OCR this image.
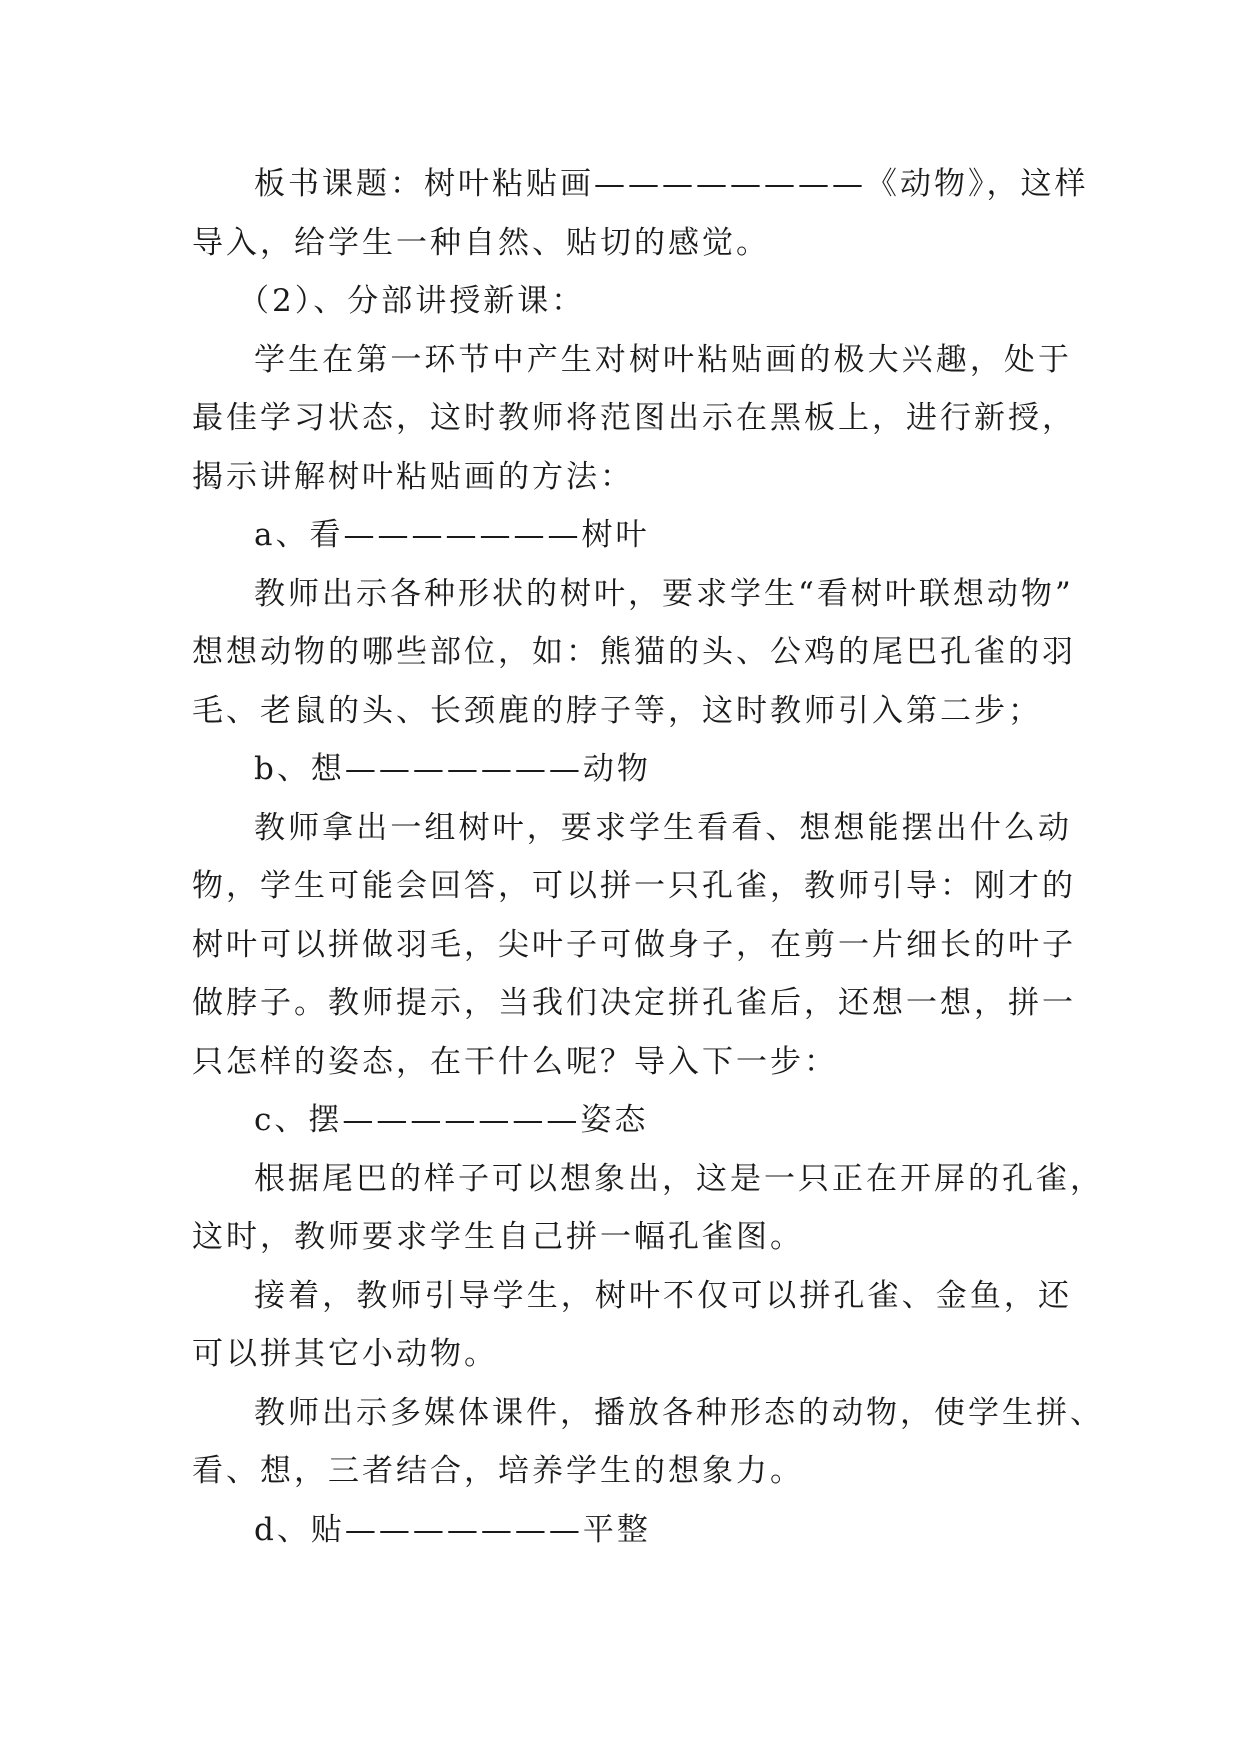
板书课题：树叶粘贴画————————《动物》，这样
导入，给学生一种自然、贴切的感觉。
（2）、分部讲授新课：
学生在第一环节中产生对树叶粘贴画的极大兴趣，处于
最佳学习状态，这时教师将范图出示在黑板上，进行新授，
揭示讲解树叶粘贴画的方法：
a、看———————树叶
教师出示各种形状的树叶，要求学生“看树叶联想动物”
想想动物的哪些部位，如：熊猫的头、公鸡的尾巴孔雀的羽
毛、老鼠的头、长颈鹿的脖子等，这时教师引入第二步；
b、想———————动物
教师拿出一组树叶，要求学生看看、想想能摆出什么动
物，学生可能会回答，可以拼一只孔雀，教师引导：刚才的
树叶可以拼做羽毛，尖叶子可做身子，在剪一片细长的叶子
做脖子。教师提示，当我们决定拼孔雀后，还想一想，拼一
只怎样的姿态，在干什么呢？导入下一步：
c、摆———————姿态
根据尾巴的样子可以想象出，这是一只正在开屏的孔雀，
这时，教师要求学生自己拼一幅孔雀图。
接着，教师引导学生，树叶不仅可以拼孔雀、金鱼，还
可以拼其它小动物。
教师出示多媒体课件，播放各种形态的动物，使学生拼、
看、想，三者结合，培养学生的想象力。
d、贴———————平整
